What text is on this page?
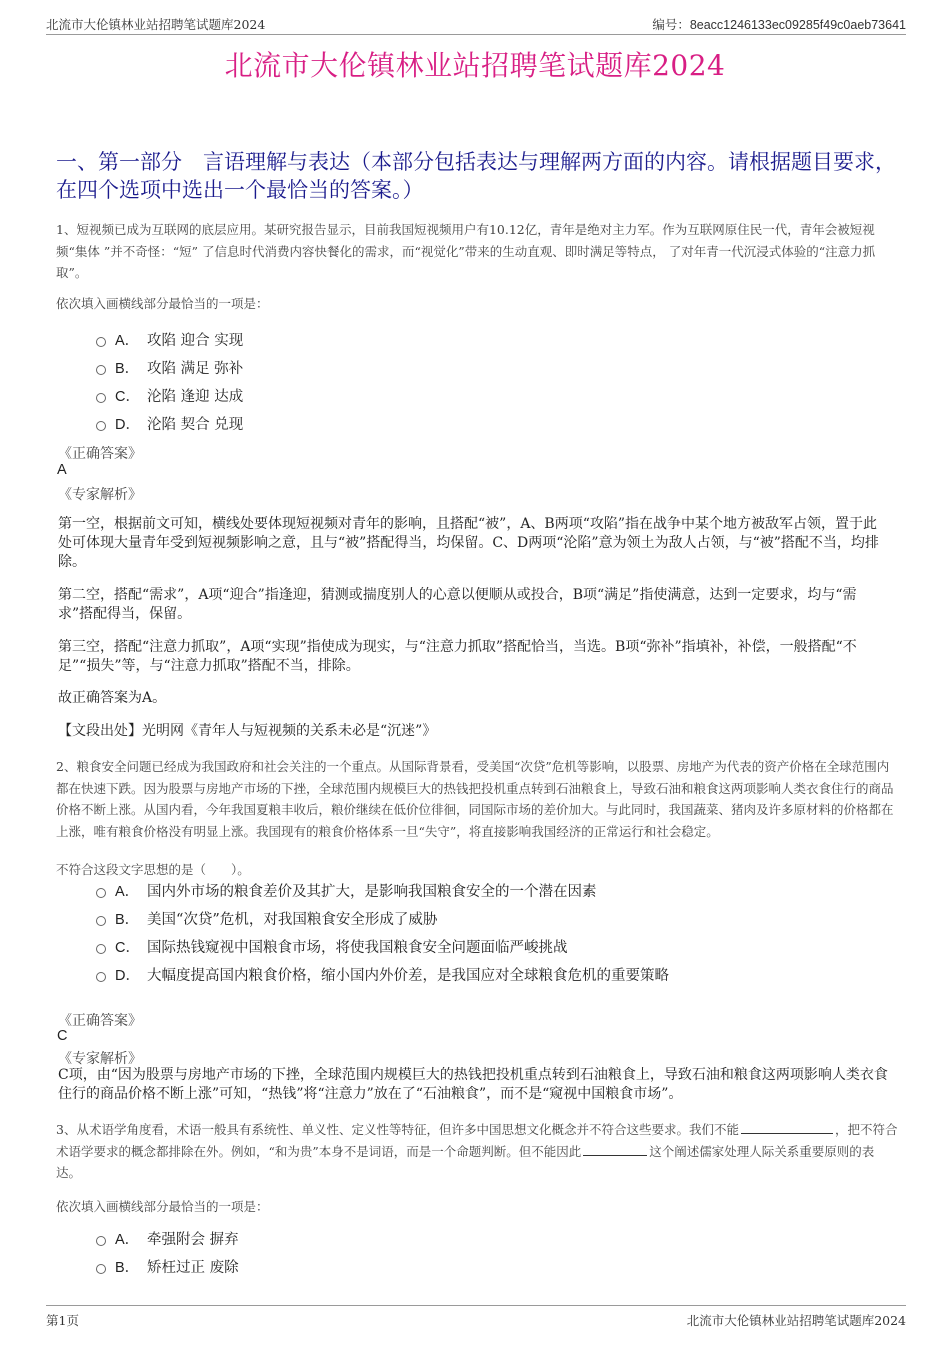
北流市大伦镇林业站招聘笔试题库2024	编号：8eacc1246133ec09285f49c0aeb73641
北流市大伦镇林业站招聘笔试题库2024
一、第一部分　言语理解与表达（本部分包括表达与理解两方面的内容。请根据题目要求，在四个选项中选出一个最恰当的答案。）
1、短视频已成为互联网的底层应用。某研究报告显示，目前我国短视频用户有10.12亿，青年是绝对主力军。作为互联网原住民一代，青年会被短视频“集体 ”并不奇怪：“短” 了信息时代消费内容快餐化的需求，而“视觉化”带来的生动直观、即时满足等特点， 了对年青一代沉浸式体验的“注意力抓取”。
依次填入画横线部分最恰当的一项是：
A． 攻陷 迎合 实现
B． 攻陷 满足 弥补
C． 沦陷 逢迎 达成
D． 沦陷 契合 兑现
《正确答案》
A
《专家解析》
第一空，根据前文可知，横线处要体现短视频对青年的影响，且搭配“被”，A、B两项“攻陷”指在战争中某个地方被敌军占领，置于此处可体现大量青年受到短视频影响之意，且与“被”搭配得当，均保留。C、D两项“沦陷”意为领土为敌人占领，与“被”搭配不当，均排除。
第二空，搭配“需求”，A项“迎合”指逢迎，猜测或揣度别人的心意以便顺从或投合，B项“满足”指使满意，达到一定要求，均与“需求”搭配得当，保留。
第三空，搭配“注意力抓取”，A项“实现”指使成为现实，与“注意力抓取”搭配恰当，当选。B项“弥补”指填补，补偿，一般搭配“不足”“损失”等，与“注意力抓取”搭配不当，排除。
故正确答案为A。
【文段出处】光明网《青年人与短视频的关系未必是“沉迷”》
2、粮食安全问题已经成为我国政府和社会关注的一个重点。从国际背景看，受美国“次贷”危机等影响，以股票、房地产为代表的资产价格在全球范围内都在快速下跌。因为股票与房地产市场的下挫，全球范围内规模巨大的热钱把投机重点转到石油粮食上，导致石油和粮食这两项影响人类衣食住行的商品价格不断上涨。从国内看，今年我国夏粮丰收后，粮价继续在低价位徘徊，同国际市场的差价加大。与此同时，我国蔬菜、猪肉及许多原材料的价格都在上涨，唯有粮食价格没有明显上涨。我国现有的粮食价格体系一旦“失守”，将直接影响我国经济的正常运行和社会稳定。
不符合这段文字思想的是（　　）。
A． 国内外市场的粮食差价及其扩大，是影响我国粮食安全的一个潜在因素
B． 美国“次贷”危机，对我国粮食安全形成了威胁
C． 国际热钱窥视中国粮食市场，将使我国粮食安全问题面临严峻挑战
D． 大幅度提高国内粮食价格，缩小国内外价差，是我国应对全球粮食危机的重要策略
《正确答案》
C
《专家解析》
C项，由“因为股票与房地产市场的下挫，全球范围内规模巨大的热钱把投机重点转到石油粮食上，导致石油和粮食这两项影响人类衣食住行的商品价格不断上涨”可知，“热钱”将“注意力”放在了“石油粮食”，而不是“窥视中国粮食市场”。
3、从术语学角度看，术语一般具有系统性、单义性、定义性等特征，但许多中国思想文化概念并不符合这些要求。我们不能	，把不符合术语学要求的概念都排除在外。例如，“和为贵”本身不是词语，而是一个命题判断。但不能因此	这个阐述儒家处理人际关系重要原则的表达。
依次填入画横线部分最恰当的一项是：
A． 牵强附会 摒弃
B． 矫枉过正 废除
第1页	北流市大伦镇林业站招聘笔试题库2024
